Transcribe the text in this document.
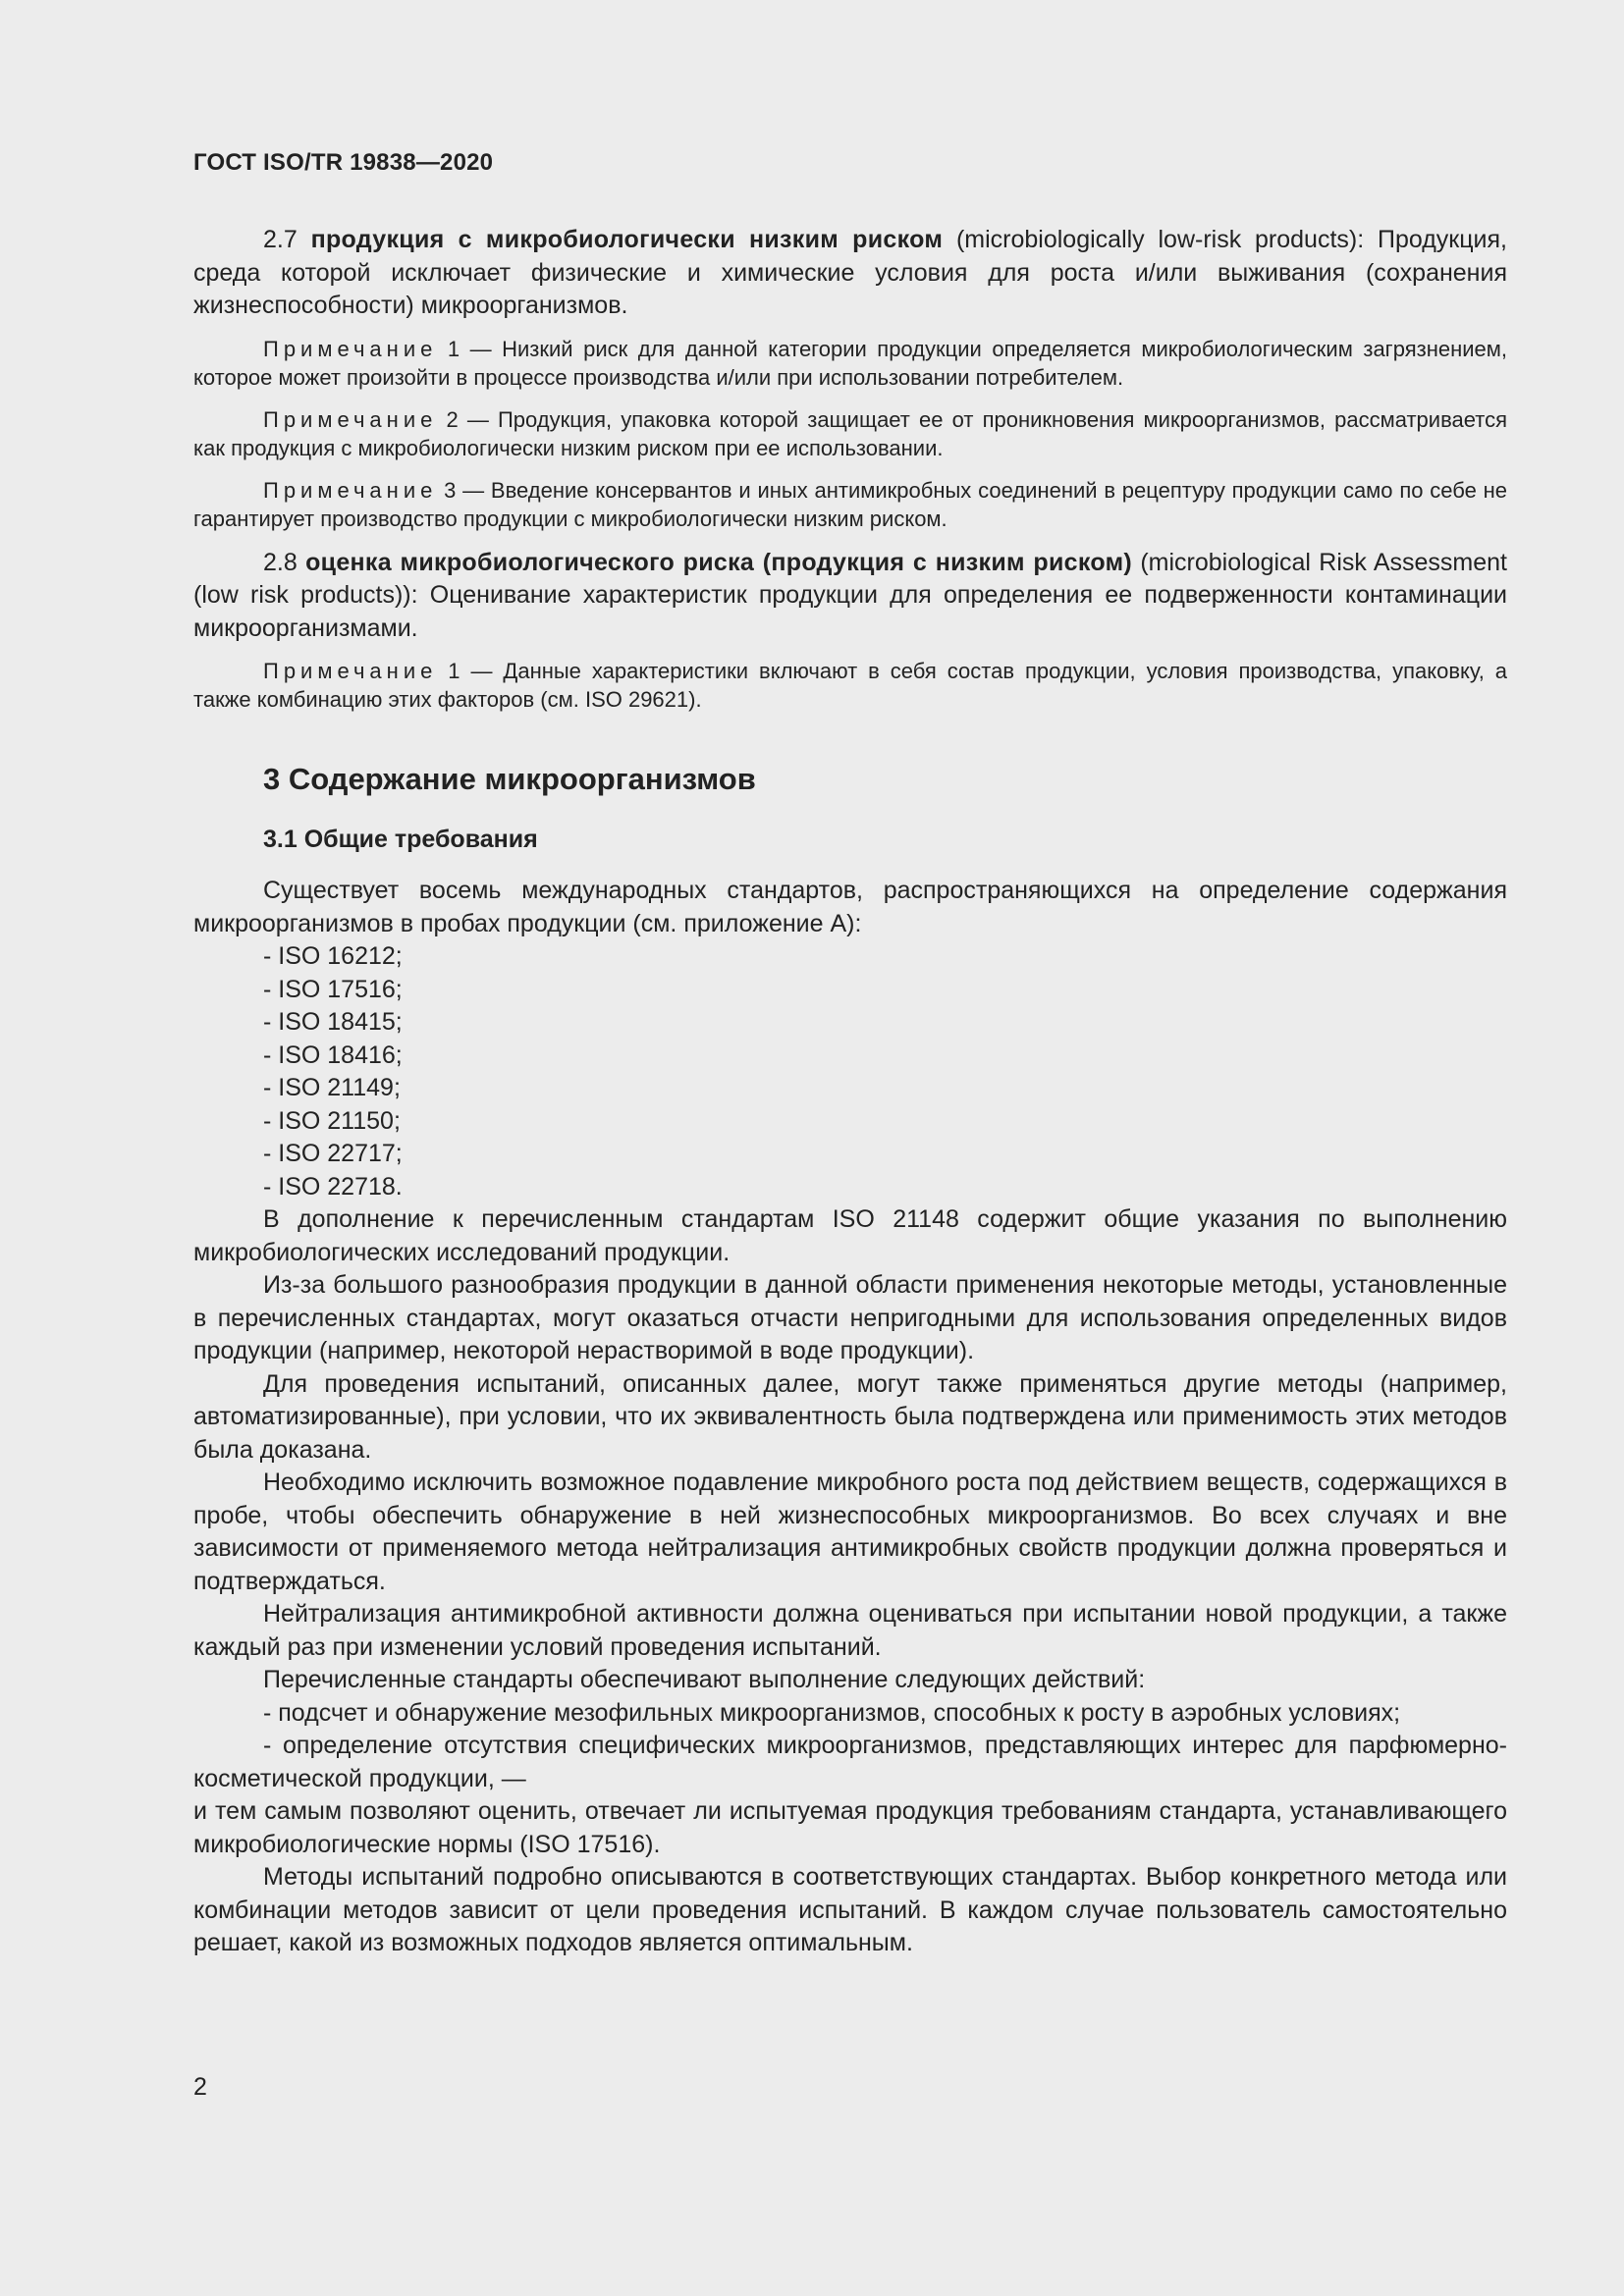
ГОСТ ISO/TR 19838—2020

2.7 продукция с микробиологически низким риском (microbiologically low-risk products): Продукция, среда которой исключает физические и химические условия для роста и/или выживания (сохранения жизнеспособности) микроорганизмов.

Примечание 1 — Низкий риск для данной категории продукции определяется микробиологическим загрязнением, которое может произойти в процессе производства и/или при использовании потребителем.

Примечание 2 — Продукция, упаковка которой защищает ее от проникновения микроорганизмов, рассматривается как продукция с микробиологически низким риском при ее использовании.

Примечание 3 — Введение консервантов и иных антимикробных соединений в рецептуру продукции само по себе не гарантирует производство продукции с микробиологически низким риском.

2.8 оценка микробиологического риска (продукция с низким риском) (microbiological Risk Assessment (low risk products)): Оценивание характеристик продукции для определения ее подверженности контаминации микроорганизмами.

Примечание 1 — Данные характеристики включают в себя состав продукции, условия производства, упаковку, а также комбинацию этих факторов (см. ISO 29621).

3 Содержание микроорганизмов
3.1 Общие требования

Существует восемь международных стандартов, распространяющихся на определение содержания микроорганизмов в пробах продукции (см. приложение А):

- ISO 16212;
- ISO 17516;
- ISO 18415;
- ISO 18416;
- ISO 21149;
- ISO 21150;
- ISO 22717;
- ISO 22718.

В дополнение к перечисленным стандартам ISO 21148 содержит общие указания по выполнению микробиологических исследований продукции.

Из-за большого разнообразия продукции в данной области применения некоторые методы, установленные в перечисленных стандартах, могут оказаться отчасти непригодными для использования определенных видов продукции (например, некоторой нерастворимой в воде продукции).

Для проведения испытаний, описанных далее, могут также применяться другие методы (например, автоматизированные), при условии, что их эквивалентность была подтверждена или применимость этих методов была доказана.

Необходимо исключить возможное подавление микробного роста под действием веществ, содержащихся в пробе, чтобы обеспечить обнаружение в ней жизнеспособных микроорганизмов. Во всех случаях и вне зависимости от применяемого метода нейтрализация антимикробных свойств продукции должна проверяться и подтверждаться.

Нейтрализация антимикробной активности должна оцениваться при испытании новой продукции, а также каждый раз при изменении условий проведения испытаний.

Перечисленные стандарты обеспечивают выполнение следующих действий:

- подсчет и обнаружение мезофильных микроорганизмов, способных к росту в аэробных условиях;

- определение отсутствия специфических микроорганизмов, представляющих интерес для парфюмерно-косметической продукции, —

и тем самым позволяют оценить, отвечает ли испытуемая продукция требованиям стандарта, устанавливающего микробиологические нормы (ISO 17516).

Методы испытаний подробно описываются в соответствующих стандартах. Выбор конкретного метода или комбинации методов зависит от цели проведения испытаний. В каждом случае пользователь самостоятельно решает, какой из возможных подходов является оптимальным.

2
